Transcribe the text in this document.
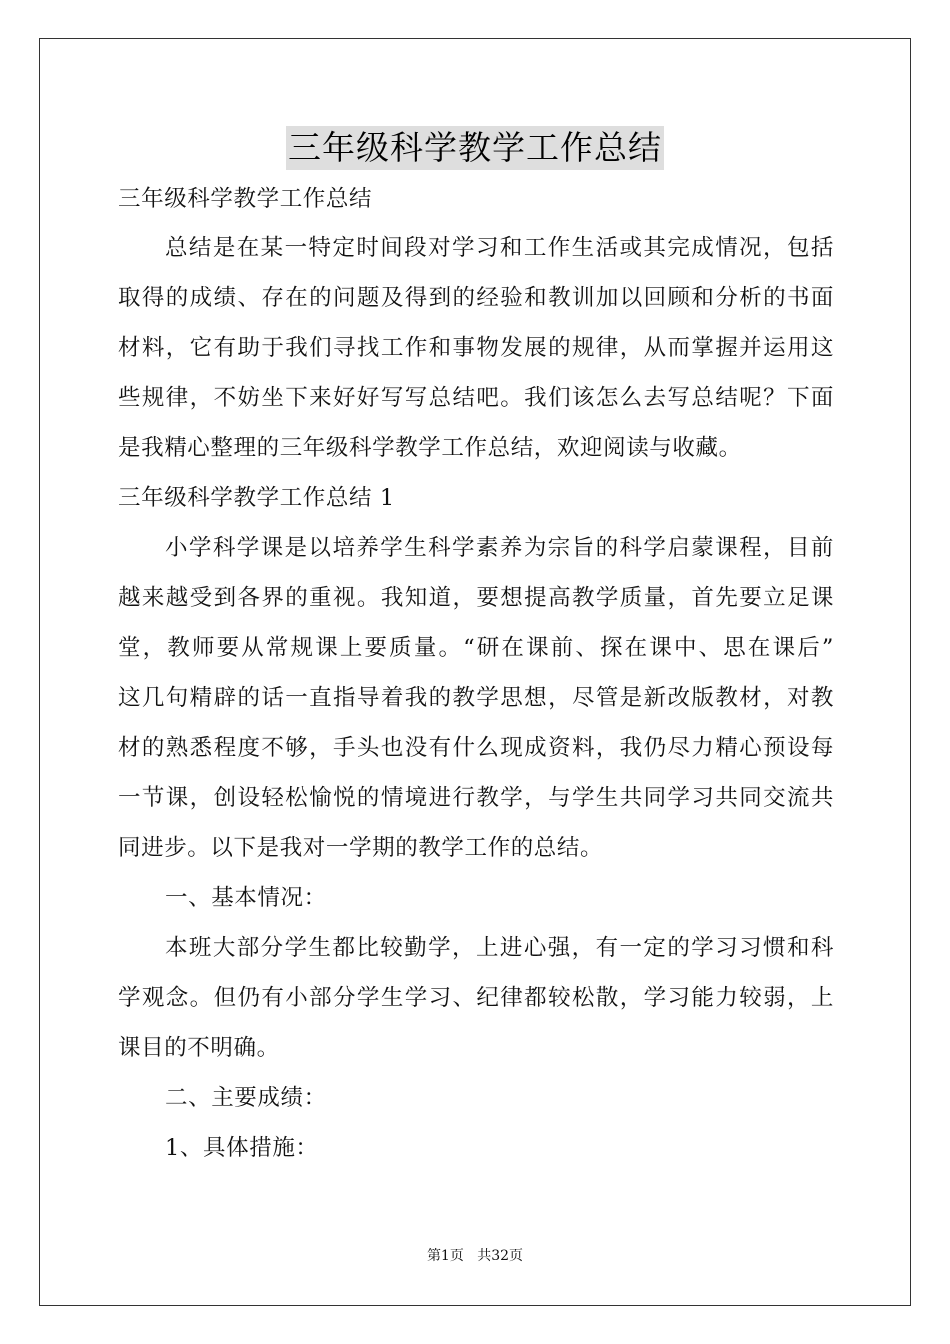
三年级科学教学工作总结
三年级科学教学工作总结
总结是在某一特定时间段对学习和工作生活或其完成情况，包括
取得的成绩、存在的问题及得到的经验和教训加以回顾和分析的书面
材料，它有助于我们寻找工作和事物发展的规律，从而掌握并运用这
些规律，不妨坐下来好好写写总结吧。我们该怎么去写总结呢？下面
是我精心整理的三年级科学教学工作总结，欢迎阅读与收藏。
三年级科学教学工作总结 1
小学科学课是以培养学生科学素养为宗旨的科学启蒙课程，目前
越来越受到各界的重视。我知道，要想提高教学质量，首先要立足课
堂，教师要从常规课上要质量。“研在课前、探在课中、思在课后”
这几句精辟的话一直指导着我的教学思想，尽管是新改版教材，对教
材的熟悉程度不够，手头也没有什么现成资料，我仍尽力精心预设每
一节课，创设轻松愉悦的情境进行教学，与学生共同学习共同交流共
同进步。以下是我对一学期的教学工作的总结。
一、基本情况：
本班大部分学生都比较勤学，上进心强，有一定的学习习惯和科
学观念。但仍有小部分学生学习、纪律都较松散，学习能力较弱，上
课目的不明确。
二、主要成绩：
1、具体措施：
第1页 共32页
